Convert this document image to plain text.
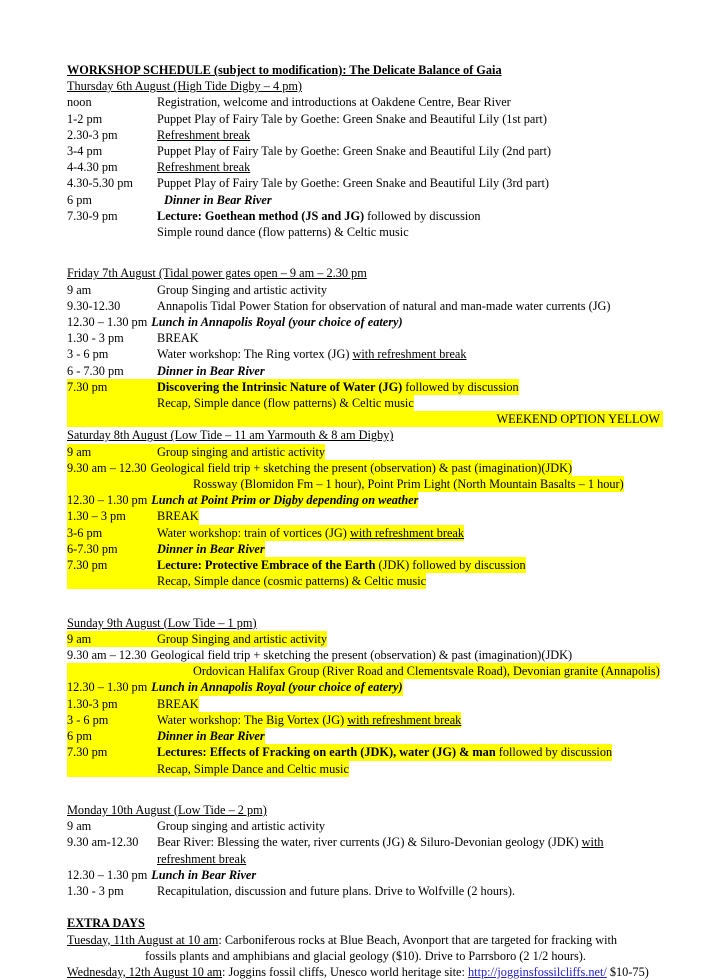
WORKSHOP SCHEDULE (subject to modification): The Delicate Balance of Gaia
Thursday 6th August (High Tide Digby – 4 pm)
noon	Registration, welcome and introductions at Oakdene Centre, Bear River
1-2 pm	Puppet Play of Fairy Tale by Goethe: Green Snake and Beautiful Lily (1st part)
2.30-3 pm	Refreshment break
3-4 pm	Puppet Play of Fairy Tale by Goethe: Green Snake and Beautiful Lily (2nd part)
4-4.30 pm	Refreshment break
4.30-5.30 pm	Puppet Play of Fairy Tale by Goethe: Green Snake and Beautiful Lily (3rd part)
6 pm	Dinner in Bear River
7.30-9 pm	Lecture: Goethean method (JS and JG) followed by discussion
Simple round dance (flow patterns) & Celtic music
Friday 7th August (Tidal power gates open – 9 am – 2.30 pm
9 am	Group Singing and artistic activity
9.30-12.30	Annapolis Tidal Power Station for observation of natural and man-made water currents (JG)
12.30 – 1.30 pm Lunch in Annapolis Royal (your choice of eatery)
1.30 - 3 pm	BREAK
3 - 6 pm	Water workshop: The Ring vortex (JG) with refreshment break
6 - 7.30 pm	Dinner in Bear River
7.30 pm	Discovering the Intrinsic Nature of Water (JG) followed by discussion

Recap, Simple dance (flow patterns) & Celtic music
WEEKEND OPTION YELLOW
Saturday 8th August (Low Tide – 11 am Yarmouth & 8 am Digby)
9 am	Group singing and artistic activity
9.30 am – 12.30 Geological field trip + sketching the present (observation) & past (imagination)(JDK)

Rossway (Blomidon Fm – 1 hour), Point Prim Light (North Mountain Basalts – 1 hour)
12.30 – 1.30 pm Lunch at Point Prim or Digby depending on weather
1.30 – 3 pm	BREAK
3-6 pm	Water workshop: train of vortices (JG) with refreshment break
6-7.30 pm	Dinner in Bear River
7.30 pm	Lecture: Protective Embrace of the Earth (JDK) followed by discussion

Recap, Simple dance (cosmic patterns) & Celtic music
Sunday 9th August (Low Tide – 1 pm)
9 am	Group Singing and artistic activity
9.30 am – 12.30 Geological field trip + sketching the present (observation) & past (imagination)(JDK)

Ordovican Halifax Group (River Road and Clementsvale Road), Devonian granite (Annapolis)
12.30 – 1.30 pm Lunch in Annapolis Royal (your choice of eatery)
1.30-3 pm	BREAK
3 - 6 pm	Water workshop: The Big Vortex (JG) with refreshment break
6 pm	Dinner in Bear River
7.30 pm	Lectures: Effects of Fracking on earth (JDK), water (JG) & man followed by discussion

Recap, Simple Dance and Celtic music
Monday 10th August (Low Tide – 2 pm)
9 am	Group singing and artistic activity
9.30 am-12.30	Bear River: Blessing the water, river currents (JG) & Siluro-Devonian geology (JDK) with
refreshment break
12.30 – 1.30 pm Lunch in Bear River
1.30 - 3 pm	Recapitulation, discussion and future plans. Drive to Wolfville (2 hours).
EXTRA DAYS
Tuesday, 11th August at 10 am: Carboniferous rocks at Blue Beach, Avonport that are targeted for fracking with
fossils plants and amphibians and glacial geology ($10). Drive to Parrsboro (2 1/2 hours).
Wednesday, 12th August 10 am: Joggins fossil cliffs, Unesco world heritage site: http://jogginsfossilcliffs.net/ $10-75)
